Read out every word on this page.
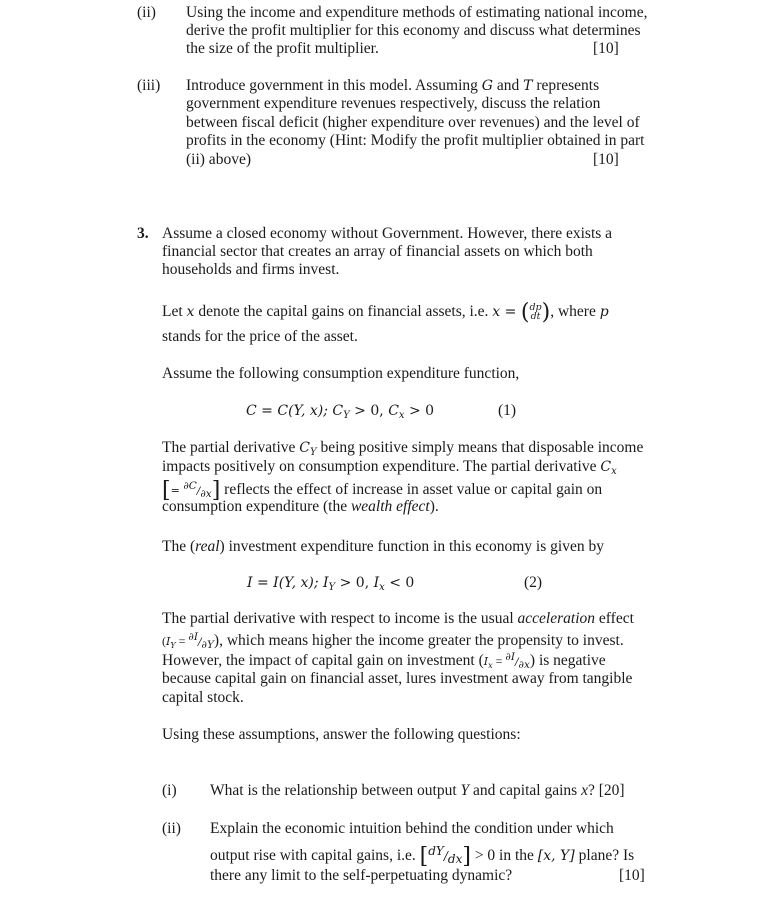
(ii) Using the income and expenditure methods of estimating national income,
derive the profit multiplier for this economy and discuss what determines
the size of the profit multiplier.	[10]
(iii) Introduce government in this model. Assuming G and T represents
government expenditure revenues respectively, discuss the relation
between fiscal deficit (higher expenditure over revenues) and the level of
profits in the economy (Hint: Modify the profit multiplier obtained in part
(ii) above)	[10]
3. Assume a closed economy without Government. However, there exists a
financial sector that creates an array of financial assets on which both
households and firms invest.
Let x denote the capital gains on financial assets, i.e. x = ( dp
dt ), where p
stands for the price of the asset.
Assume the following consumption expenditure function,
C = C(Y, x); $C_Y > 0$, $C_x > 0$	(1)
The partial derivative $C_Y$ being positive simply means that disposable income
impacts positively on consumption expenditure. The partial derivative $C_x$
[= ∂C/∂x] reflects the effect of increase in asset value or capital gain on
consumption expenditure (the wealth effect).
The (real) investment expenditure function in this economy is given by
I = I(Y, x); $I_Y > 0$, $I_x < 0$	(2)
The partial derivative with respect to income is the usual acceleration effect
$(I_Y = \partial I/\partial Y)$, which means higher the income greater the propensity to invest.
However, the impact of capital gain on investment $(I_x = \partial I/\partial x)$ is negative
because capital gain on financial asset, lures investment away from tangible
capital stock.
Using these assumptions, answer the following questions:
(i) What is the relationship between output Y and capital gains x? [20]
(ii) Explain the economic intuition behind the condition under which
output rise with capital gains, i.e. [dY/dx] > 0 in the [x, Y] plane? Is
there any limit to the self-perpetuating dynamic?	[10]
